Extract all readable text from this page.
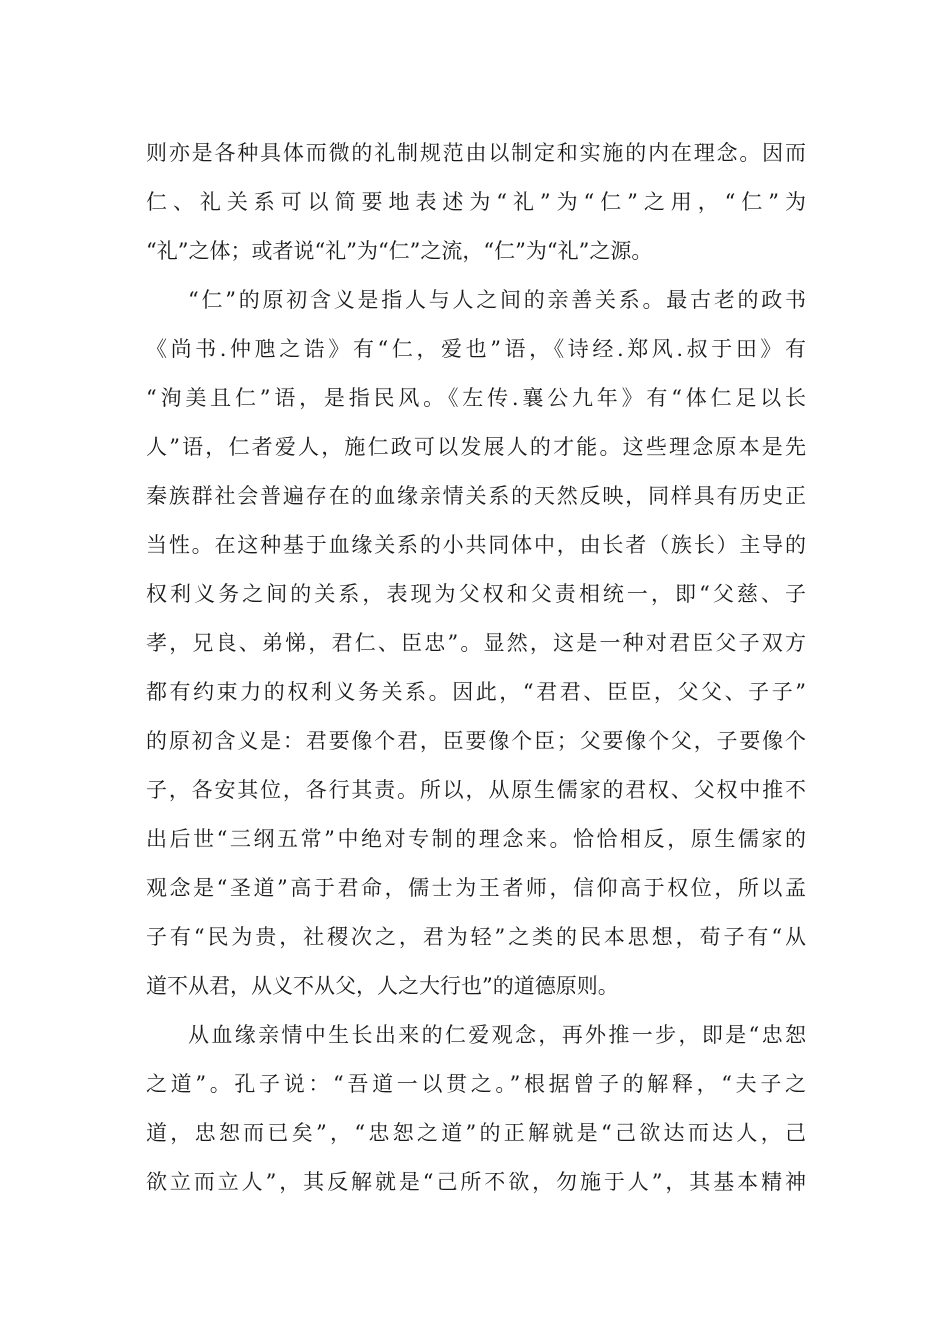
则亦是各种具体而微的礼制规范由以制定和实施的内在理念。因而
仁、礼关系可以简要地表述为“礼”为“仁”之用，“仁”为
“礼”之体；或者说“礼”为“仁”之流，“仁”为“礼”之源。
“仁”的原初含义是指人与人之间的亲善关系。最古老的政书
《尚书.仲虺之诰》有“仁，爱也”语，《诗经.郑风.叔于田》有
“洵美且仁”语，是指民风。《左传.襄公九年》有“体仁足以长
人”语，仁者爱人，施仁政可以发展人的才能。这些理念原本是先
秦族群社会普遍存在的血缘亲情关系的天然反映，同样具有历史正
当性。在这种基于血缘关系的小共同体中，由长者（族长）主导的
权利义务之间的关系，表现为父权和父责相统一，即“父慈、子
孝，兄良、弟悌，君仁、臣忠”。显然，这是一种对君臣父子双方
都有约束力的权利义务关系。因此，“君君、臣臣，父父、子子”
的原初含义是：君要像个君，臣要像个臣；父要像个父，子要像个
子，各安其位，各行其责。所以，从原生儒家的君权、父权中推不
出后世“三纲五常”中绝对专制的理念来。恰恰相反，原生儒家的
观念是“圣道”高于君命，儒士为王者师，信仰高于权位，所以孟
子有“民为贵，社稷次之，君为轻”之类的民本思想，荀子有“从
道不从君，从义不从父，人之大行也”的道德原则。
从血缘亲情中生长出来的仁爱观念，再外推一步，即是“忠恕
之道”。孔子说：“吾道一以贯之。”根据曾子的解释，“夫子之
道，忠恕而已矣”，“忠恕之道”的正解就是“己欲达而达人，己
欲立而立人”，其反解就是“己所不欲，勿施于人”，其基本精神
